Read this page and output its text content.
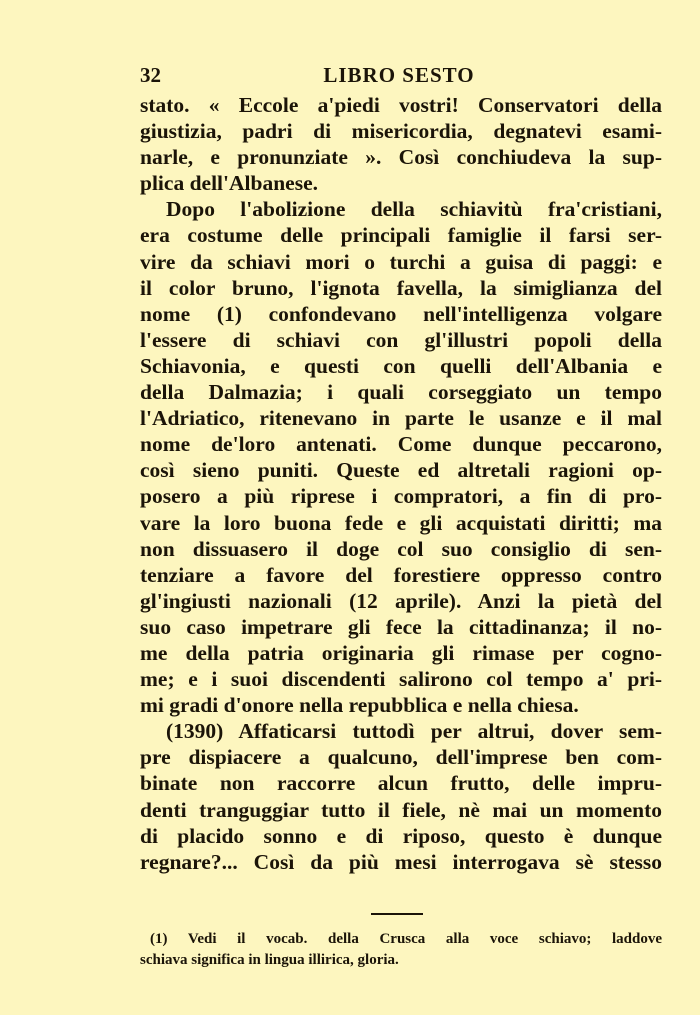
32	LIBRO SESTO
stato. « Eccole a'piedi vostri! Conservatori della
giustizia, padri di misericordia, degnatevi esami-
narle, e pronunziate ». Così conchiudeva la sup-
plica dell'Albanese.
Dopo l'abolizione della schiavitù fra'cristiani,
era costume delle principali famiglie il farsi ser-
vire da schiavi mori o turchi a guisa di paggi: e
il color bruno, l'ignota favella, la simiglianza del
nome (1) confondevano nell'intelligenza volgare
l'essere di schiavi con gl'illustri popoli della
Schiavonia, e questi con quelli dell'Albania e
della Dalmazia; i quali corseggiato un tempo
l'Adriatico, ritenevano in parte le usanze e il mal
nome de'loro antenati. Come dunque peccarono,
così sieno puniti. Queste ed altretali ragioni op-
posero a più riprese i compratori, a fin di pro-
vare la loro buona fede e gli acquistati diritti; ma
non dissuasero il doge col suo consiglio di sen-
tenziare a favore del forestiere oppresso contro
gl'ingiusti nazionali (12 aprile). Anzi la pietà del
suo caso impetrare gli fece la cittadinanza; il no-
me della patria originaria gli rimase per cogno-
me; e i suoi discendenti salirono col tempo a' pri-
mi gradi d'onore nella repubblica e nella chiesa.
(1390) Affaticarsi tuttodì per altrui, dover sem-
pre dispiacere a qualcuno, dell'imprese ben com-
binate non raccorre alcun frutto, delle impru-
denti tranguggiar tutto il fiele, nè mai un momento
di placido sonno e di riposo, questo è dunque
regnare?... Così da più mesi interrogava sè stesso
(1) Vedi il vocab. della Crusca alla voce schiavo; laddove
schiava significa in lingua illirica, gloria.
